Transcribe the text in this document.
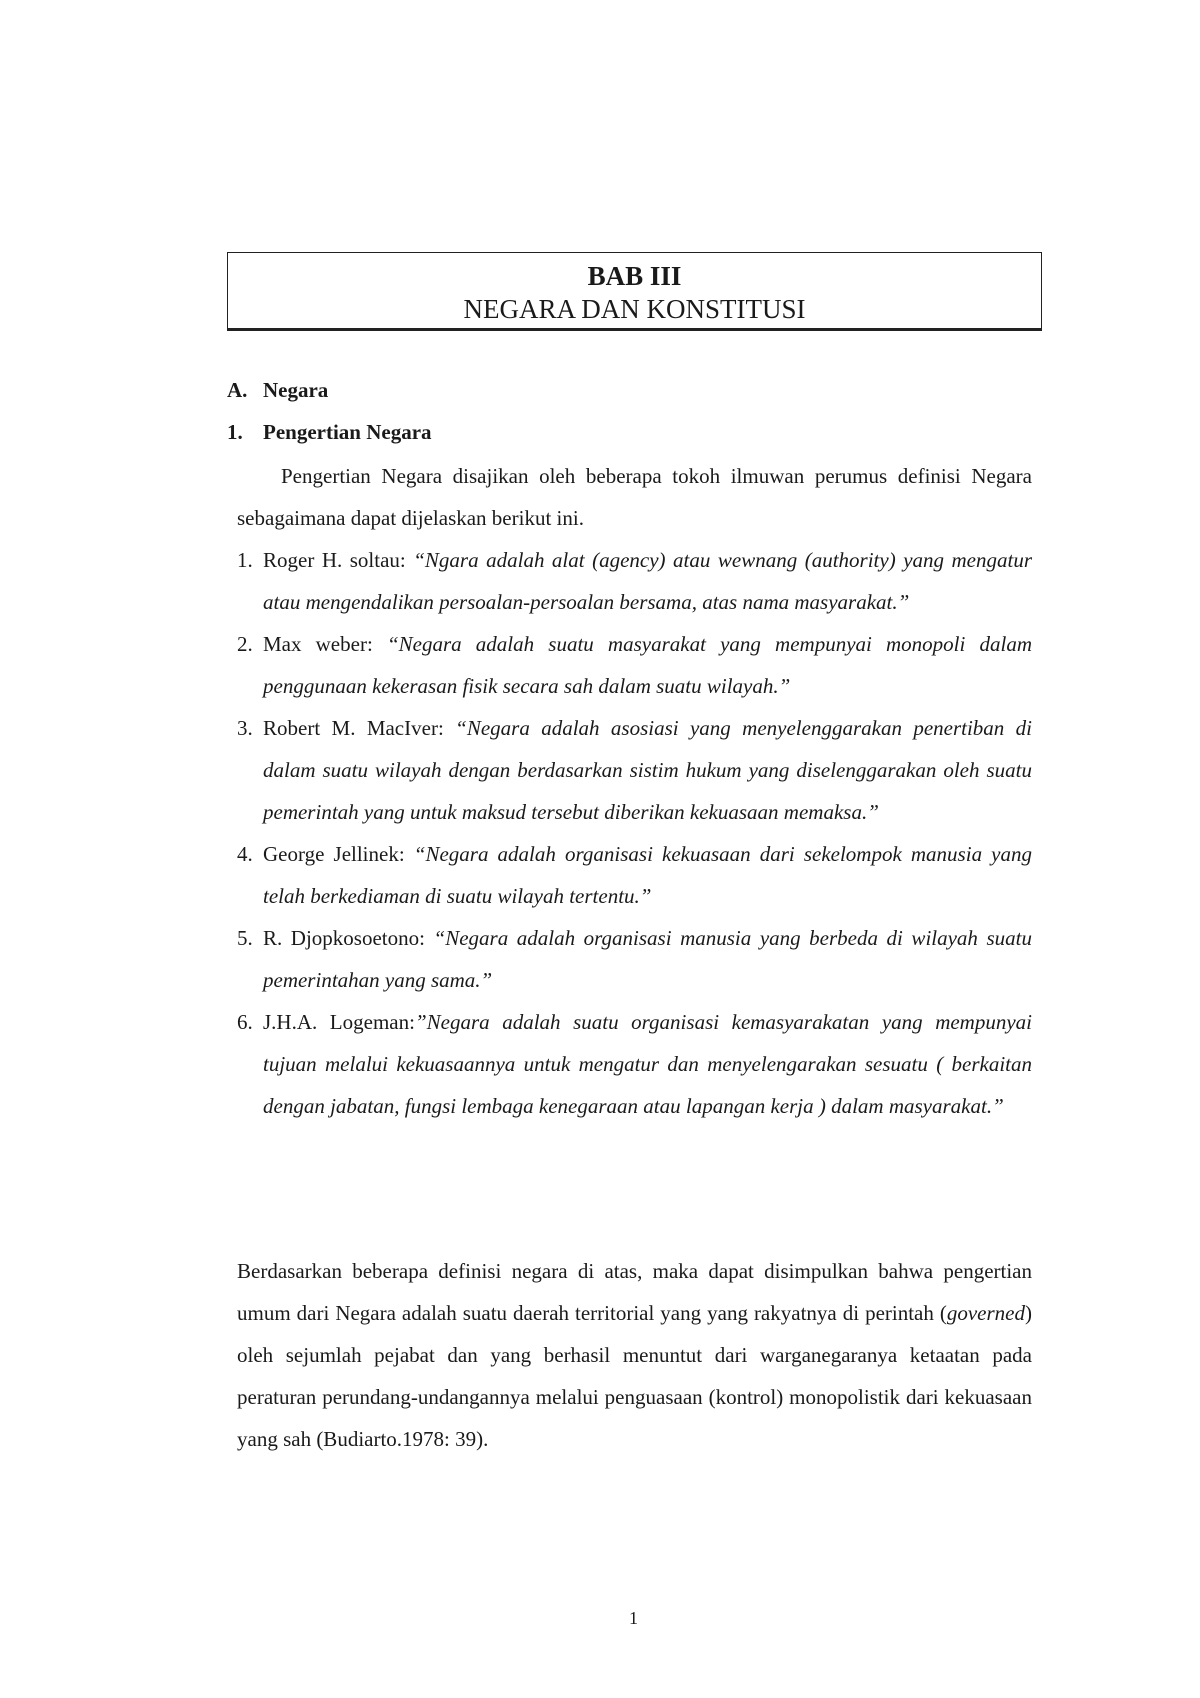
BAB III
NEGARA DAN KONSTITUSI
A. Negara
1. Pengertian Negara
Pengertian Negara disajikan oleh beberapa tokoh ilmuwan perumus definisi Negara sebagaimana dapat dijelaskan berikut ini.
1. Roger H. soltau: “Ngara adalah alat (agency) atau wewnang (authority) yang mengatur atau mengendalikan persoalan-persoalan bersama, atas nama masyarakat.”
2. Max weber: “Negara adalah suatu masyarakat yang mempunyai monopoli dalam penggunaan kekerasan fisik secara sah dalam suatu wilayah.”
3. Robert M. MacIver: “Negara adalah asosiasi yang menyelenggarakan penertiban di dalam suatu wilayah dengan berdasarkan sistim hukum yang diselenggarakan oleh suatu pemerintah yang untuk maksud tersebut diberikan kekuasaan memaksa.”
4. George Jellinek: “Negara adalah organisasi kekuasaan dari sekelompok manusia yang telah berkediaman di suatu wilayah tertentu.”
5. R. Djopkosoetono: “Negara adalah organisasi manusia yang berbeda di wilayah suatu pemerintahan yang sama.”
6. J.H.A. Logeman:”Negara adalah suatu organisasi kemasyarakatan yang mempunyai tujuan melalui kekuasaannya untuk mengatur dan menyelengarakan sesuatu ( berkaitan dengan jabatan, fungsi lembaga kenegaraan atau lapangan kerja ) dalam masyarakat.”
Berdasarkan beberapa definisi negara di atas, maka dapat disimpulkan bahwa pengertian umum dari Negara adalah suatu daerah territorial yang yang rakyatnya di perintah (governed) oleh sejumlah pejabat dan yang berhasil menuntut dari warganegaranya ketaatan pada peraturan perundang-undangannya melalui penguasaan (kontrol) monopolistik dari kekuasaan yang sah (Budiarto.1978: 39).
1
